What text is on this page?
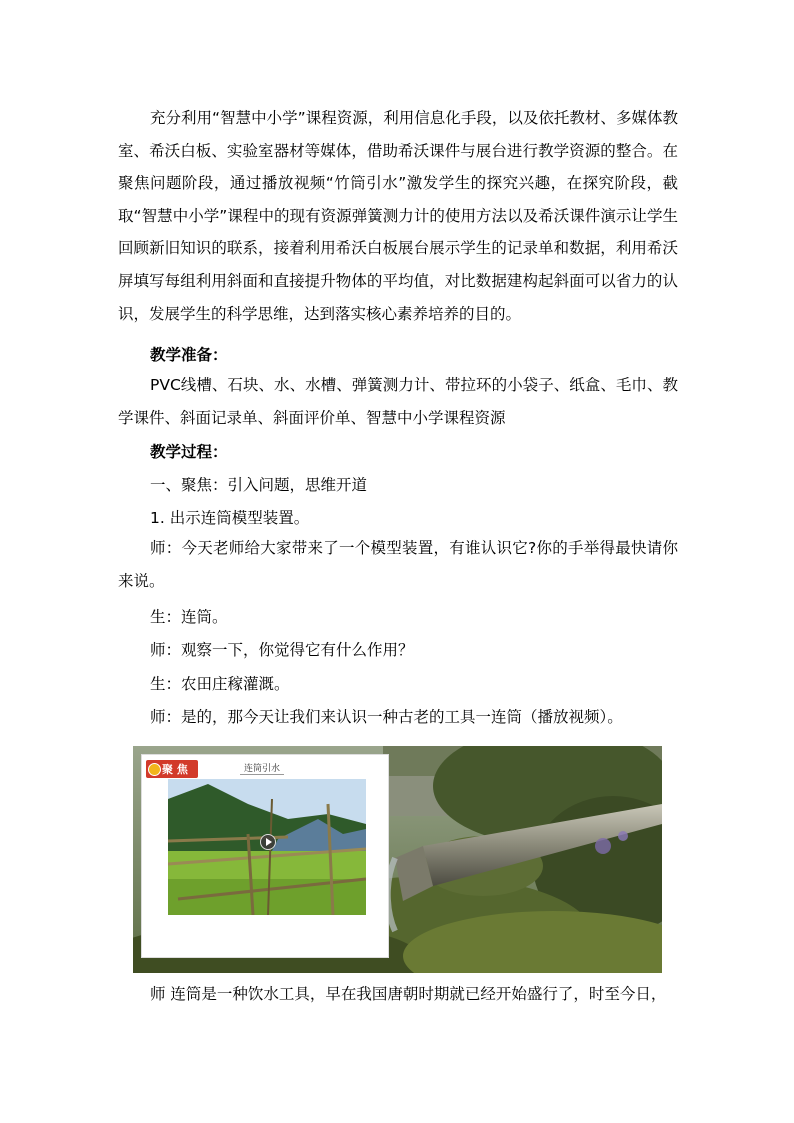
充分利用“智慧中小学”课程资源，利用信息化手段，以及依托教材、多媒体教室、希沃白板、实验室器材等媒体，借助希沃课件与展台进行教学资源的整合。在聚焦问题阶段，通过播放视频“竹筒引水”激发学生的探究兴趣，在探究阶段，截取“智慧中小学”课程中的现有资源弹簧测力计的使用方法以及希沃课件演示让学生回顾新旧知识的联系，接着利用希沃白板展台展示学生的记录单和数据，利用希沃屏填写每组利用斜面和直接提升物体的平均值，对比数据建构起斜面可以省力的认识，发展学生的科学思维，达到落实核心素养培养的目的。

教学准备：

PVC线槽、石块、水、水槽、弹簧测力计、带拉环的小袋子、纸盒、毛巾、教学课件、斜面记录单、斜面评价单、智慧中小学课程资源

教学过程：

一、聚焦：引入问题，思维开道

1. 出示连筒模型装置。

师：今天老师给大家带来了一个模型装置，有谁认识它?你的手举得最快请你来说。

生：连筒。

师：观察一下，你觉得它有什么作用？

生：农田庄稼灌溉。

师：是的，那今天让我们来认识一种古老的工具一连筒（播放视频）。

聚 焦	连筒引水

师 连筒是一种饮水工具，早在我国唐朝时期就已经开始盛行了，时至今日，
